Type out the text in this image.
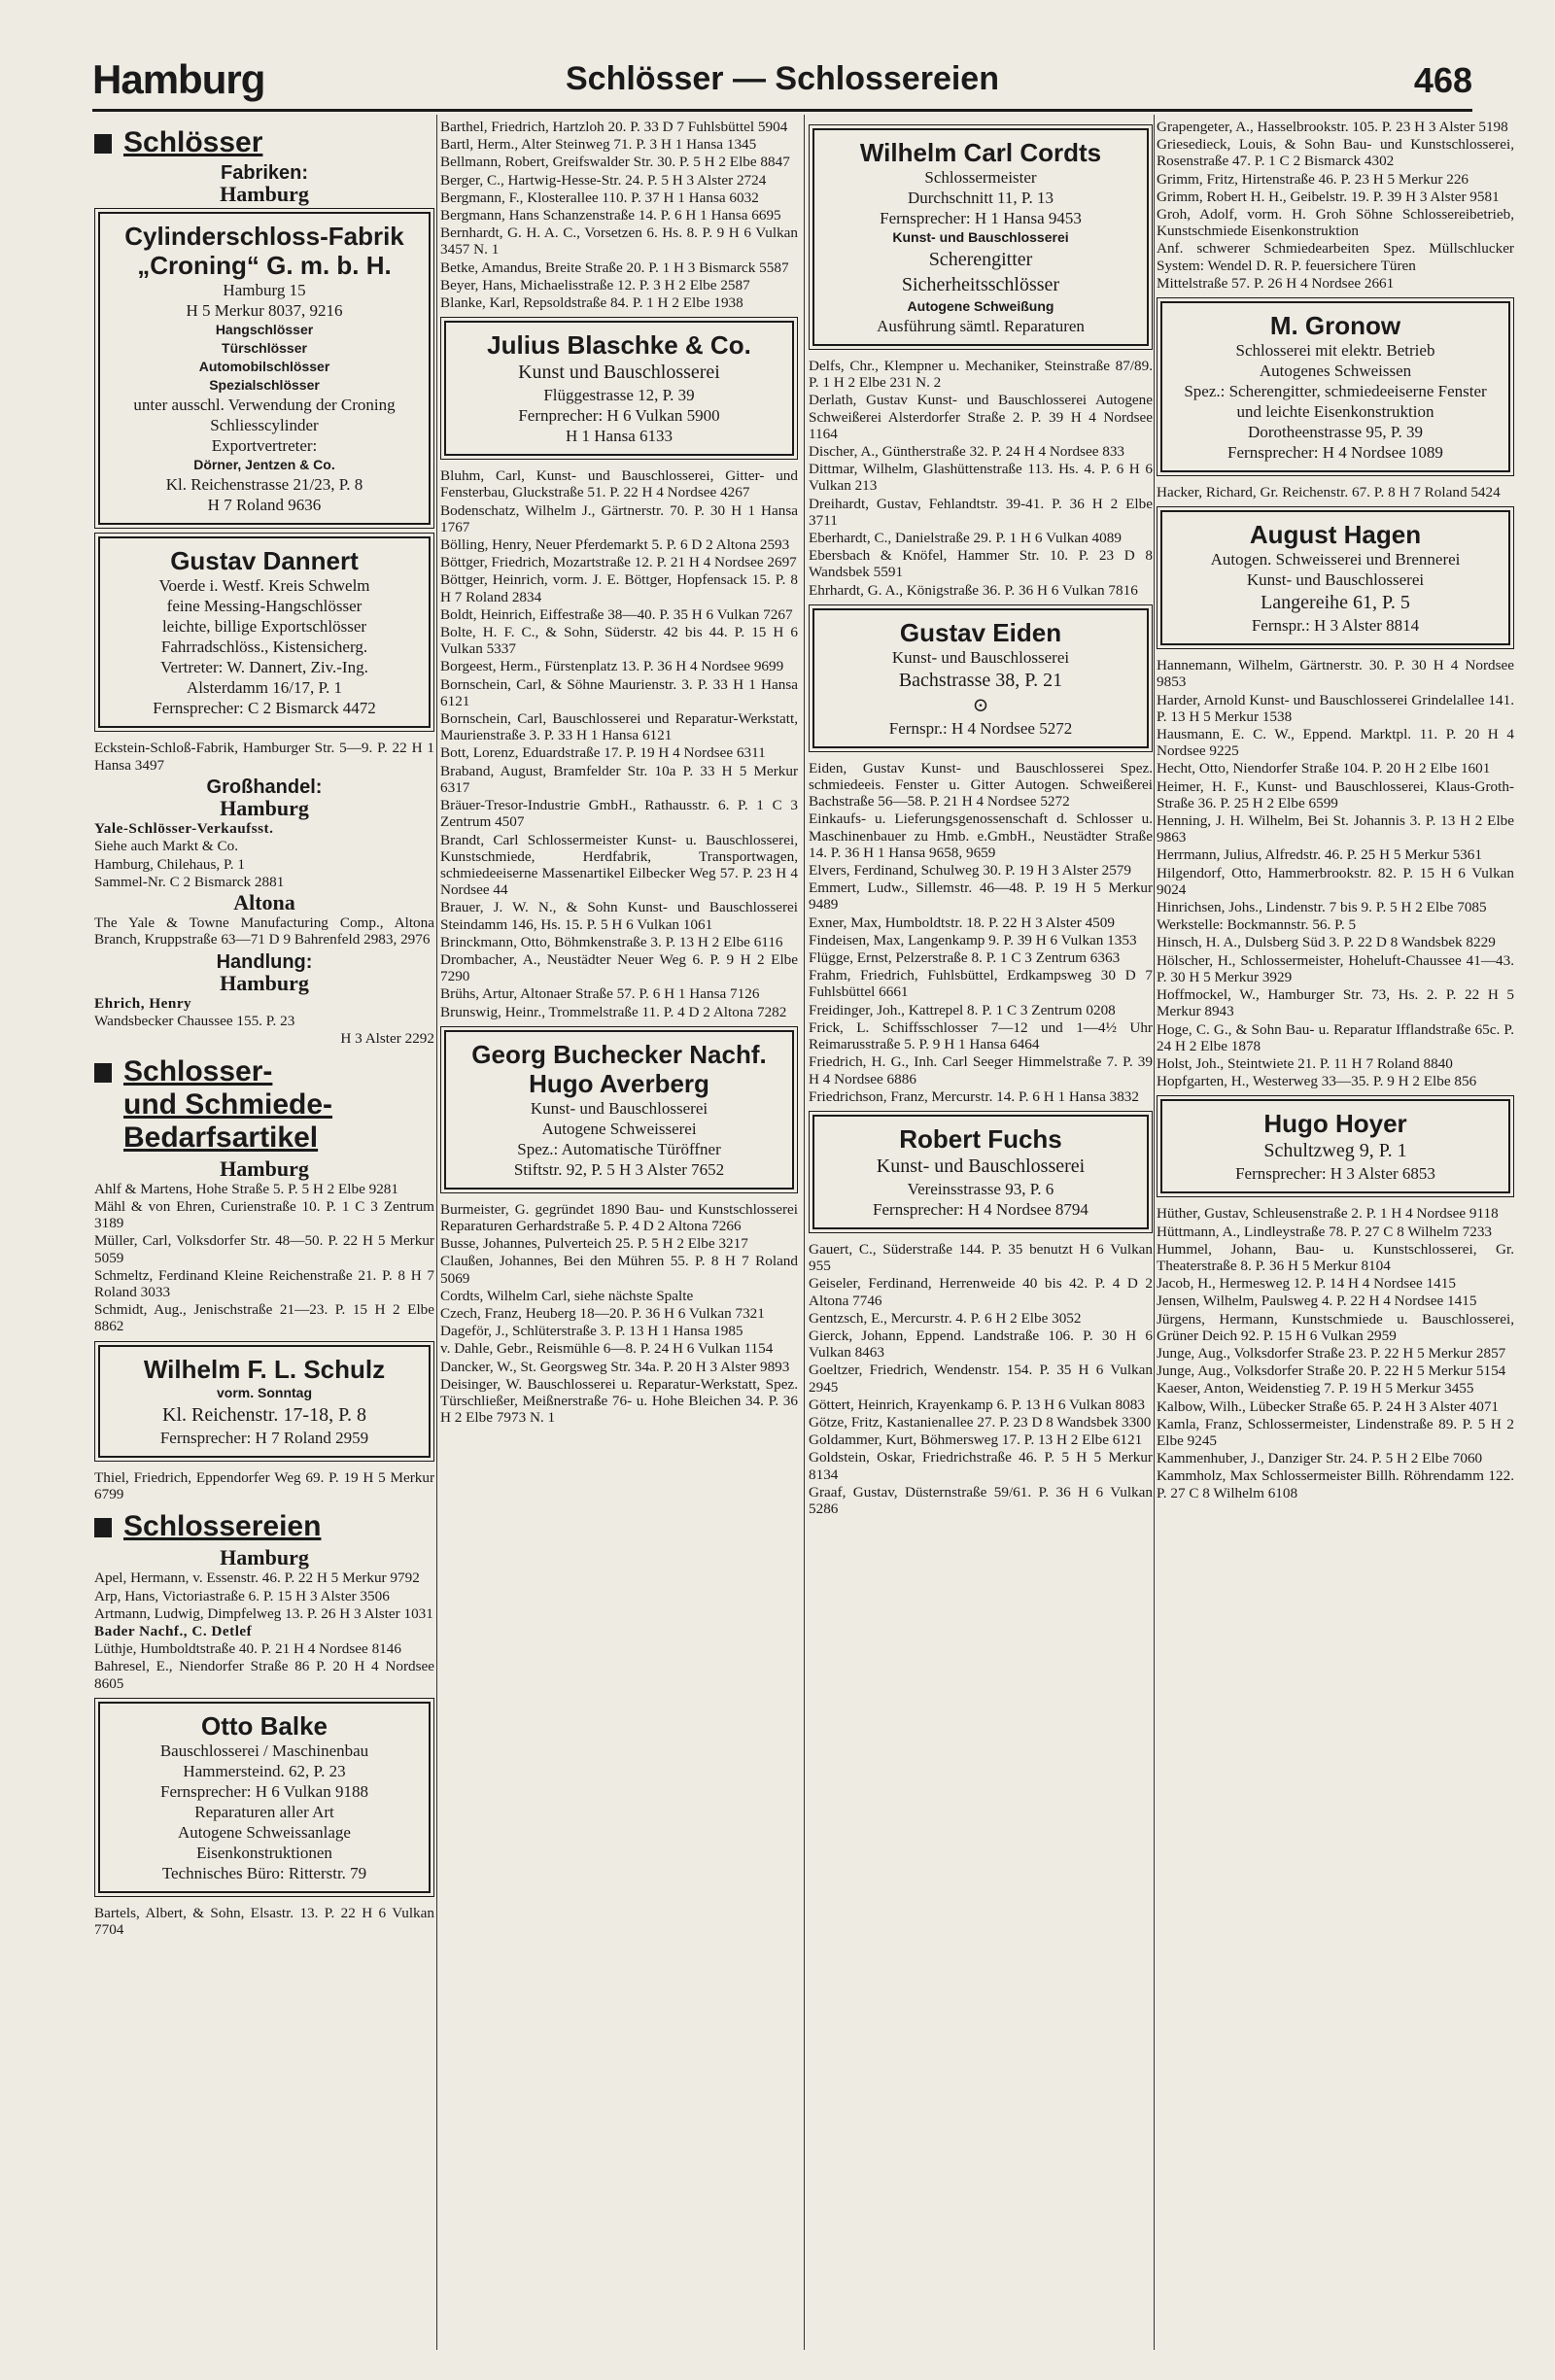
Hamburg	Schlösser — Schlossereien	468
Schlösser
Fabriken:
Hamburg
Cylinderschloss-Fabrik
„Croning“ G. m. b. H.
Hamburg 15
H 5 Merkur 8037, 9216
Hangschlösser
Türschlösser
Automobilschlösser
Spezialschlösser
unter ausschl. Verwendung der Croning Schliesscylinder
Exportvertreter:
Dörner, Jentzen & Co.
Kl. Reichenstrasse 21/23, P. 8
H 7 Roland 9636
Gustav Dannert
Voerde i. Westf. Kreis Schwelm
feine Messing-Hangschlösser
leichte, billige Exportschlösser
Fahrradschlöss., Kistensicherg.
Vertreter: W. Dannert, Ziv.-Ing.
Alsterdamm 16/17, P. 1
Fernsprecher: C 2 Bismarck 4472
Eckstein-Schloß-Fabrik, Hamburger Str. 5—9. P. 22 H 1 Hansa 3497
Großhandel:
Hamburg
Yale-Schlösser-Verkaufsst.
Siehe auch Markt & Co.
Hamburg, Chilehaus, P. 1
Sammel-Nr. C 2 Bismarck 2881
Altona
The Yale & Towne Manufacturing Comp., Altona Branch, Kruppstraße 63—71 D 9 Bahrenfeld 2983, 2976
Handlung:
Hamburg
Ehrich, Henry
Wandsbecker Chaussee 155. P. 23
H 3 Alster 2292
Schlosser-
und Schmiede-
Bedarfsartikel
Hamburg
Ahlf & Martens, Hohe Straße 5. P. 5 H 2 Elbe 9281
Mähl & von Ehren, Curienstraße 10. P. 1 C 3 Zentrum 3189
Müller, Carl, Volksdorfer Str. 48—50. P. 22 H 5 Merkur 5059
Schmeltz, Ferdinand Kleine Reichenstraße 21. P. 8 H 7 Roland 3033
Schmidt, Aug., Jenischstraße 21—23. P. 15 H 2 Elbe 8862
Wilhelm F. L. Schulz
vorm. Sonntag
Kl. Reichenstr. 17-18, P. 8
Fernsprecher: H 7 Roland 2959
Thiel, Friedrich, Eppendorfer Weg 69. P. 19 H 5 Merkur 6799
Schlossereien
Hamburg
Apel, Hermann, v. Essenstr. 46. P. 22 H 5 Merkur 9792
Arp, Hans, Victoriastraße 6. P. 15 H 3 Alster 3506
Artmann, Ludwig, Dimpfelweg 13. P. 26 H 3 Alster 1031
Bader Nachf., C. Detlef
Lüthje, Humboldtstraße 40. P. 21 H 4 Nordsee 8146
Bahresel, E., Niendorfer Straße 86 P. 20 H 4 Nordsee 8605
Otto Balke
Bauschlosserei / Maschinenbau
Hammersteind. 62, P. 23
Fernsprecher: H 6 Vulkan 9188
Reparaturen aller Art
Autogene Schweissanlage
Eisenkonstruktionen
Technisches Büro: Ritterstr. 79
Bartels, Albert, & Sohn, Elsastr. 13. P. 22 H 6 Vulkan 7704
Barthel, Friedrich, Hartzloh 20. P. 33 D 7 Fuhlsbüttel 5904
Bartl, Herm., Alter Steinweg 71. P. 3 H 1 Hansa 1345
Bellmann, Robert, Greifswalder Str. 30. P. 5 H 2 Elbe 8847
Berger, C., Hartwig-Hesse-Str. 24. P. 5 H 3 Alster 2724
Bergmann, F., Klosterallee 110. P. 37 H 1 Hansa 6032
Bergmann, Hans Schanzenstraße 14. P. 6 H 1 Hansa 6695
Bernhardt, G. H. A. C., Vorsetzen 6. Hs. 8. P. 9 H 6 Vulkan 3457 N. 1
Betke, Amandus, Breite Straße 20. P. 1 H 3 Bismarck 5587
Beyer, Hans, Michaelisstraße 12. P. 3 H 2 Elbe 2587
Blanke, Karl, Repsoldstraße 84. P. 1 H 2 Elbe 1938
Julius Blaschke & Co.
Kunst und Bauschlosserei
Flüggestrasse 12, P. 39
Fernprecher: H 6 Vulkan 5900
H 1 Hansa 6133
Bluhm, Carl, Kunst- und Bauschlosserei, Gitter- und Fensterbau, Gluckstraße 51. P. 22 H 4 Nordsee 4267
Bodenschatz, Wilhelm J., Gärtnerstr. 70. P. 30 H 1 Hansa 1767
Bölling, Henry, Neuer Pferdemarkt 5. P. 6 D 2 Altona 2593
Böttger, Friedrich, Mozartstraße 12. P. 21 H 4 Nordsee 2697
Böttger, Heinrich, vorm. J. E. Böttger, Hopfensack 15. P. 8 H 7 Roland 2834
Boldt, Heinrich, Eiffestraße 38—40. P. 35 H 6 Vulkan 7267
Bolte, H. F. C., & Sohn, Süderstr. 42 bis 44. P. 15 H 6 Vulkan 5337
Borgeest, Herm., Fürstenplatz 13. P. 36 H 4 Nordsee 9699
Bornschein, Carl, & Söhne Maurienstr. 3. P. 33 H 1 Hansa 6121
Bornschein, Carl, Bauschlosserei und Reparatur-Werkstatt, Maurienstraße 3. P. 33 H 1 Hansa 6121
Bott, Lorenz, Eduardstraße 17. P. 19 H 4 Nordsee 6311
Braband, August, Bramfelder Str. 10a P. 33 H 5 Merkur 6317
Bräuer-Tresor-Industrie GmbH., Rathausstr. 6. P. 1 C 3 Zentrum 4507
Brandt, Carl Schlossermeister Kunst- u. Bauschlosserei, Kunstschmiede, Herdfabrik, Transportwagen, schmiedeeiserne Massenartikel Eilbecker Weg 57. P. 23 H 4 Nordsee 44
Brauer, J. W. N., & Sohn Kunst- und Bauschlosserei Steindamm 146, Hs. 15. P. 5 H 6 Vulkan 1061
Brinckmann, Otto, Böhmkenstraße 3. P. 13 H 2 Elbe 6116
Drombacher, A., Neustädter Neuer Weg 6. P. 9 H 2 Elbe 7290
Brühs, Artur, Altonaer Straße 57. P. 6 H 1 Hansa 7126
Brunswig, Heinr., Trommelstraße 11. P. 4 D 2 Altona 7282
Georg Buchecker Nachf.
Hugo Averberg
Kunst- und Bauschlosserei
Autogene Schweisserei
Spez.: Automatische Türöffner
Stiftstr. 92, P. 5 H 3 Alster 7652
Burmeister, G. gegründet 1890 Bau- und Kunstschlosserei Reparaturen Gerhardstraße 5. P. 4 D 2 Altona 7266
Busse, Johannes, Pulverteich 25. P. 5 H 2 Elbe 3217
Claußen, Johannes, Bei den Mühren 55. P. 8 H 7 Roland 5069
Cordts, Wilhelm Carl, siehe nächste Spalte
Czech, Franz, Heuberg 18—20. P. 36 H 6 Vulkan 7321
Dageför, J., Schlüterstraße 3. P. 13 H 1 Hansa 1985
v. Dahle, Gebr., Reismühle 6—8. P. 24 H 6 Vulkan 1154
Dancker, W., St. Georgsweg Str. 34a. P. 20 H 3 Alster 9893
Deisinger, W. Bauschlosserei u. Reparatur-Werkstatt, Spez. Türschließer, Meißnerstraße 76- u. Hohe Bleichen 34. P. 36 H 2 Elbe 7973 N. 1
Wilhelm Carl Cordts
Schlossermeister
Durchschnitt 11, P. 13
Fernsprecher: H 1 Hansa 9453
Kunst- und Bauschlosserei
Scherengitter
Sicherheitsschlösser
Autogene Schweißung
Ausführung sämtl. Reparaturen
Delfs, Chr., Klempner u. Mechaniker, Steinstraße 87/89. P. 1 H 2 Elbe 231 N. 2
Derlath, Gustav Kunst- und Bauschlosserei Autogene Schweißerei Alsterdorfer Straße 2. P. 39 H 4 Nordsee 1164
Discher, A., Güntherstraße 32. P. 24 H 4 Nordsee 833
Dittmar, Wilhelm, Glashüttenstraße 113. Hs. 4. P. 6 H 6 Vulkan 213
Dreihardt, Gustav, Fehlandtstr. 39-41. P. 36 H 2 Elbe 3711
Eberhardt, C., Danielstraße 29. P. 1 H 6 Vulkan 4089
Ebersbach & Knöfel, Hammer Str. 10. P. 23 D 8 Wandsbek 5591
Ehrhardt, G. A., Königstraße 36. P. 36 H 6 Vulkan 7816
Gustav Eiden
Kunst- und Bauschlosserei
Bachstrasse 38, P. 21
⊙
Fernspr.: H 4 Nordsee 5272
Eiden, Gustav Kunst- und Bauschlosserei Spez. schmiedeeis. Fenster u. Gitter Autogen. Schweißerei Bachstraße 56—58. P. 21 H 4 Nordsee 5272
Einkaufs- u. Lieferungsgenossenschaft d. Schlosser u. Maschinenbauer zu Hmb. e.GmbH., Neustädter Straße 14. P. 36 H 1 Hansa 9658, 9659
Elvers, Ferdinand, Schulweg 30. P. 19 H 3 Alster 2579
Emmert, Ludw., Sillemstr. 46—48. P. 19 H 5 Merkur 9489
Exner, Max, Humboldtstr. 18. P. 22 H 3 Alster 4509
Findeisen, Max, Langenkamp 9. P. 39 H 6 Vulkan 1353
Flügge, Ernst, Pelzerstraße 8. P. 1 C 3 Zentrum 6363
Frahm, Friedrich, Fuhlsbüttel, Erdkampsweg 30 D 7 Fuhlsbüttel 6661
Freidinger, Joh., Kattrepel 8. P. 1 C 3 Zentrum 0208
Frick, L. Schiffsschlosser 7—12 und 1—4½ Uhr Reimarusstraße 5. P. 9 H 1 Hansa 6464
Friedrich, H. G., Inh. Carl Seeger Himmelstraße 7. P. 39 H 4 Nordsee 6886
Friedrichson, Franz, Mercurstr. 14. P. 6 H 1 Hansa 3832
Robert Fuchs
Kunst- und Bauschlosserei
Vereinsstrasse 93, P. 6
Fernsprecher: H 4 Nordsee 8794
Gauert, C., Süderstraße 144. P. 35 benutzt H 6 Vulkan 955
Geiseler, Ferdinand, Herrenweide 40 bis 42. P. 4 D 2 Altona 7746
Gentzsch, E., Mercurstr. 4. P. 6 H 2 Elbe 3052
Gierck, Johann, Eppend. Landstraße 106. P. 30 H 6 Vulkan 8463
Goeltzer, Friedrich, Wendenstr. 154. P. 35 H 6 Vulkan 2945
Göttert, Heinrich, Krayenkamp 6. P. 13 H 6 Vulkan 8083
Götze, Fritz, Kastanienallee 27. P. 23 D 8 Wandsbek 3300
Goldammer, Kurt, Böhmersweg 17. P. 13 H 2 Elbe 6121
Goldstein, Oskar, Friedrichstraße 46. P. 5 H 5 Merkur 8134
Graaf, Gustav, Düsternstraße 59/61. P. 36 H 6 Vulkan 5286
Grapengeter, A., Hasselbrookstr. 105. P. 23 H 3 Alster 5198
Griesedieck, Louis, & Sohn Bau- und Kunstschlosserei, Rosenstraße 47. P. 1 C 2 Bismarck 4302
Grimm, Fritz, Hirtenstraße 46. P. 23 H 5 Merkur 226
Grimm, Robert H. H., Geibelstr. 19. P. 39 H 3 Alster 9581
Groh, Adolf, vorm. H. Groh Söhne Schlossereibetrieb, Kunstschmiede Eisenkonstruktion
Anf. schwerer Schmiedearbeiten Spez. Müllschlucker System: Wendel D. R. P. feuersichere Türen
Mittelstraße 57. P. 26 H 4 Nordsee 2661
M. Gronow
Schlosserei mit elektr. Betrieb
Autogenes Schweissen
Spez.: Scherengitter, schmiedeeiserne Fenster und leichte Eisenkonstruktion
Dorotheenstrasse 95, P. 39
Fernsprecher: H 4 Nordsee 1089
Hacker, Richard, Gr. Reichenstr. 67. P. 8 H 7 Roland 5424
August Hagen
Autogen. Schweisserei und Brennerei
Kunst- und Bauschlosserei
Langereihe 61, P. 5
Fernspr.: H 3 Alster 8814
Hannemann, Wilhelm, Gärtnerstr. 30. P. 30 H 4 Nordsee 9853
Harder, Arnold Kunst- und Bauschlosserei Grindelallee 141. P. 13 H 5 Merkur 1538
Hausmann, E. C. W., Eppend. Marktpl. 11. P. 20 H 4 Nordsee 9225
Hecht, Otto, Niendorfer Straße 104. P. 20 H 2 Elbe 1601
Heimer, H. F., Kunst- und Bauschlosserei, Klaus-Groth-Straße 36. P. 25 H 2 Elbe 6599
Henning, J. H. Wilhelm, Bei St. Johannis 3. P. 13 H 2 Elbe 9863
Herrmann, Julius, Alfredstr. 46. P. 25 H 5 Merkur 5361
Hilgendorf, Otto, Hammerbrookstr. 82. P. 15 H 6 Vulkan 9024
Hinrichsen, Johs., Lindenstr. 7 bis 9. P. 5 H 2 Elbe 7085
Werkstelle: Bockmannstr. 56. P. 5
Hinsch, H. A., Dulsberg Süd 3. P. 22 D 8 Wandsbek 8229
Hölscher, H., Schlossermeister, Hoheluft-Chaussee 41—43. P. 30 H 5 Merkur 3929
Hoffmockel, W., Hamburger Str. 73, Hs. 2. P. 22 H 5 Merkur 8943
Hoge, C. G., & Sohn Bau- u. Reparatur Ifflandstraße 65c. P. 24 H 2 Elbe 1878
Holst, Joh., Steintwiete 21. P. 11 H 7 Roland 8840
Hopfgarten, H., Westerweg 33—35. P. 9 H 2 Elbe 856
Hugo Hoyer
Schultzweg 9, P. 1
Fernsprecher: H 3 Alster 6853
Hüther, Gustav, Schleusenstraße 2. P. 1 H 4 Nordsee 9118
Hüttmann, A., Lindleystraße 78. P. 27 C 8 Wilhelm 7233
Hummel, Johann, Bau- u. Kunstschlosserei, Gr. Theaterstraße 8. P. 36 H 5 Merkur 8104
Jacob, H., Hermesweg 12. P. 14 H 4 Nordsee 1415
Jensen, Wilhelm, Paulsweg 4. P. 22 H 4 Nordsee 1415
Jürgens, Hermann, Kunstschmiede u. Bauschlosserei, Grüner Deich 92. P. 15 H 6 Vulkan 2959
Junge, Aug., Volksdorfer Straße 23. P. 22 H 5 Merkur 2857
Junge, Aug., Volksdorfer Straße 20. P. 22 H 5 Merkur 5154
Kaeser, Anton, Weidenstieg 7. P. 19 H 5 Merkur 3455
Kalbow, Wilh., Lübecker Straße 65. P. 24 H 3 Alster 4071
Kamla, Franz, Schlossermeister, Lindenstraße 89. P. 5 H 2 Elbe 9245
Kammenhuber, J., Danziger Str. 24. P. 5 H 2 Elbe 7060
Kammholz, Max Schlossermeister Billh. Röhrendamm 122. P. 27 C 8 Wilhelm 6108
